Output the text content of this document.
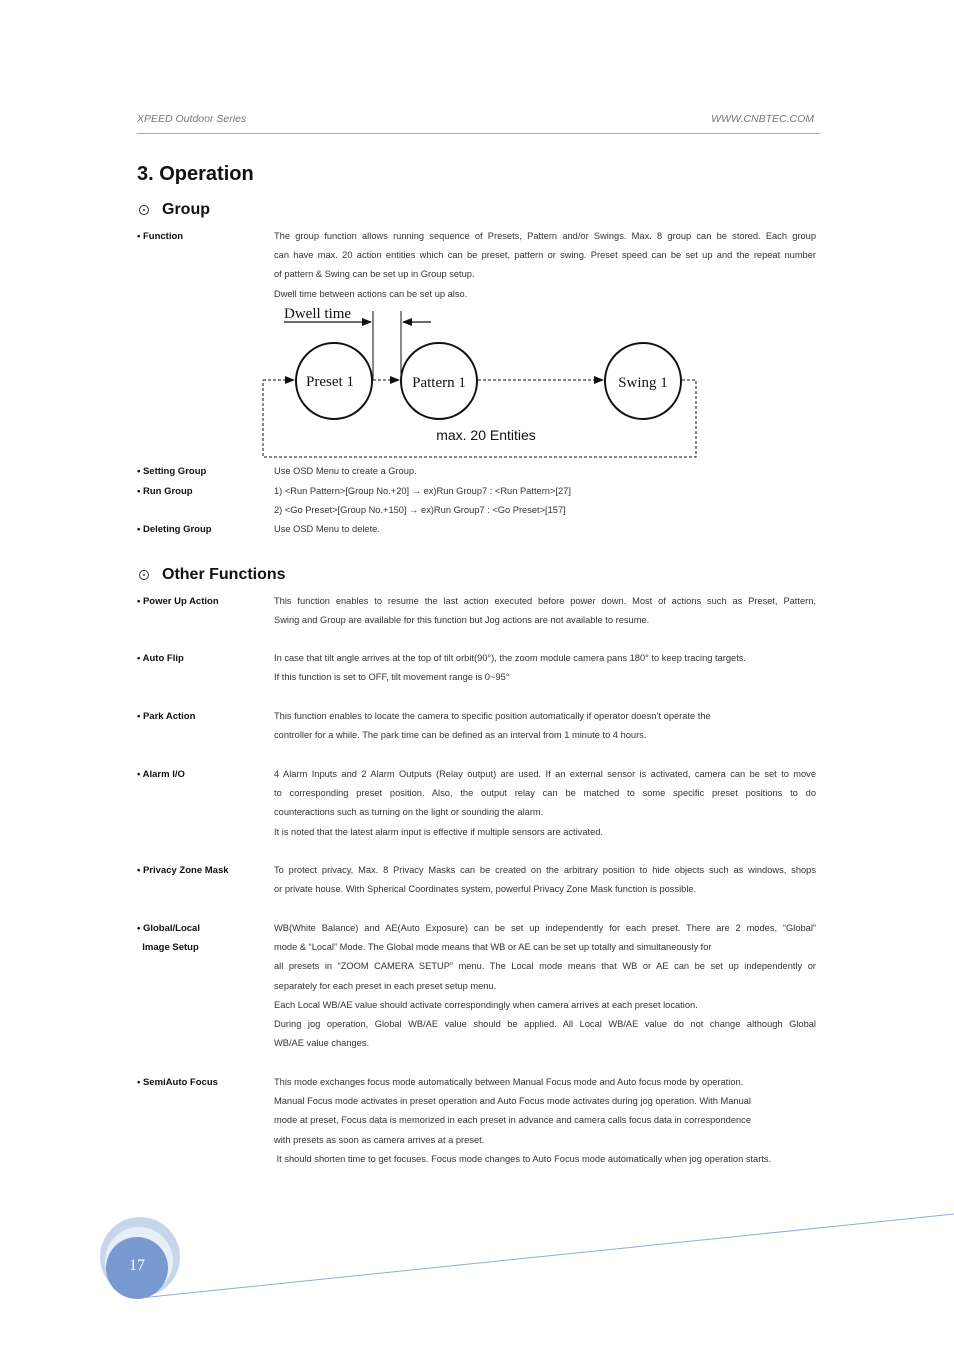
XPEED Outdoor Series	WWW.CNBTEC.COM
3. Operation
Group
• Function	The group function allows running sequence of Presets, Pattern and/or Swings. Max. 8 group can be stored. Each group

can have max. 20 action entities which can be preset, pattern or swing. Preset speed can be set up and the repeat number

of pattern & Swing can be set up in Group setup.

Dwell time between actions can be set up also.

Dwell time
Preset 1	Pattern 1	Swing 1
max. 20 Entities
• Setting Group	Use OSD Menu to create a Group.

• Run Group	1) <Run Pattern>[Group No.+20] → ex)Run Group7 : <Run Pattern>[27]

2) <Go Preset>[Group No.+150] → ex)Run Group7 : <Go Preset>[157]

• Deleting Group	Use OSD Menu to delete.

Other Functions
• Power Up Action	This function enables to resume the last action executed before power down. Most of actions such as Preset, Pattern,

Swing and Group are available for this function but Jog actions are not available to resume.

• Auto Flip	In case that tilt angle arrives at the top of tilt orbit(90°), the zoom module camera pans 180° to keep tracing targets.

If this function is set to OFF, tilt movement range is 0~95°

• Park Action	This function enables to locate the camera to specific position automatically if operator doesn’t operate the

controller for a while. The park time can be defined as an interval from 1 minute to 4 hours.

• Alarm I/O	4 Alarm Inputs and 2 Alarm Outputs (Relay output) are used. If an external sensor is activated, camera can be set to move

to corresponding preset position. Also, the output relay can be matched to some specific preset positions to do

counteractions such as turning on the light or sounding the alarm.

It is noted that the latest alarm input is effective if multiple sensors are activated.

• Privacy Zone Mask	To protect privacy, Max. 8 Privacy Masks can be created on the arbitrary position to hide objects such as windows, shops

or private house. With Spherical Coordinates system, powerful Privacy Zone Mask function is possible.

• Global/Local
Image Setup

WB(White Balance) and AE(Auto Exposure) can be set up independently for each preset. There are 2 modes, “Global”

mode & “Local” Mode. The Global mode means that WB or AE can be set up totally and simultaneously for

all presets in “ZOOM CAMERA SETUP” menu. The Local mode means that WB or AE can be set up independently or

separately for each preset in each preset setup menu.

Each Local WB/AE value should activate correspondingly when camera arrives at each preset location.

During jog operation, Global WB/AE value should be applied. All Local WB/AE value do not change although Global

WB/AE value changes.

• SemiAuto Focus	This mode exchanges focus mode automatically between Manual Focus mode and Auto focus mode by operation.

Manual Focus mode activates in preset operation and Auto Focus mode activates during jog operation. With Manual

mode at preset, Focus data is memorized in each preset in advance and camera calls focus data in correspondence

with presets as soon as camera arrives at a preset.

It should shorten time to get focuses. Focus mode changes to Auto Focus mode automatically when jog operation starts.

17
